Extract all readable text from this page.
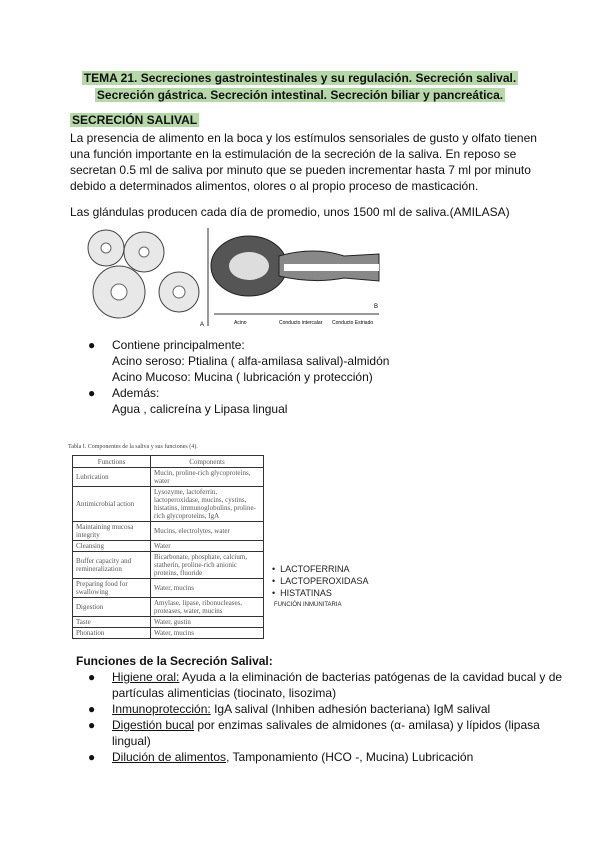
TEMA 21. Secreciones gastrointestinales y su regulación. Secreción salival.
Secreción gástrica. Secreción intestinal. Secreción biliar y pancreática.
SECRECIÓN SALIVAL
La presencia de alimento en la boca y los estímulos sensoriales de gusto y olfato tienen una función importante en la estimulación de la secreción de la saliva. En reposo se secretan 0.5 ml de saliva por minuto que se pueden incrementar hasta 7 ml por minuto debido a determinados alimentos, olores o al propio proceso de masticación.
Las glándulas producen cada día de promedio, unos 1500 ml de saliva.(AMILASA)
Acino	Conducto intercalar Conducto Estriado
A
B
● Contiene principalmente:
Acino seroso: Ptialina ( alfa-amilasa salival)-almidón
Acino Mucoso: Mucina ( lubricación y protección)
● Además:
Agua , calicreína y Lipasa lingual
Tabla I. Componentes de la saliva y sus funciones (4).
Functions	Components
Lubrication	Mucin, proline-rich glycoproteins, water
Antimicrobial action	Lysozyme, lactoferrin, lactoperoxidase, mucins, cystins, histatins, immunoglobulins, proline-rich glycoproteins, IgA
Maintaining mucosa integrity	Mucins, electrolytes, water
Cleansing	Water
Buffer capacity and remineralization	Bicarbonate, phosphate, calcium, statherin, proline-rich anionic proteins, fluoride
Preparing food for swallowing	Water, mucins
Digestion	Amylase, lipase, ribonucleases, proteases, water, mucins
Taste	Water, gustin
Phonation	Water, mucins
•  LACTOFERRINA
•  LACTOPEROXIDASA
•  HISTATINAS
FUNCIÓN INMUNITARIA
Funciones de la Secreción Salival:
● Higiene oral: Ayuda a la eliminación de bacterias patógenas de la cavidad bucal y de
partículas alimenticias (tiocinato, lisozima)
● Inmunoprotección: IgA salival (Inhiben adhesión bacteriana) IgM salival
● Digestión bucal por enzimas salivales de almidones (α- amilasa) y lípidos (lipasa
lingual)
● Dilución de alimentos, Tamponamiento (HCO -, Mucina) Lubricación
